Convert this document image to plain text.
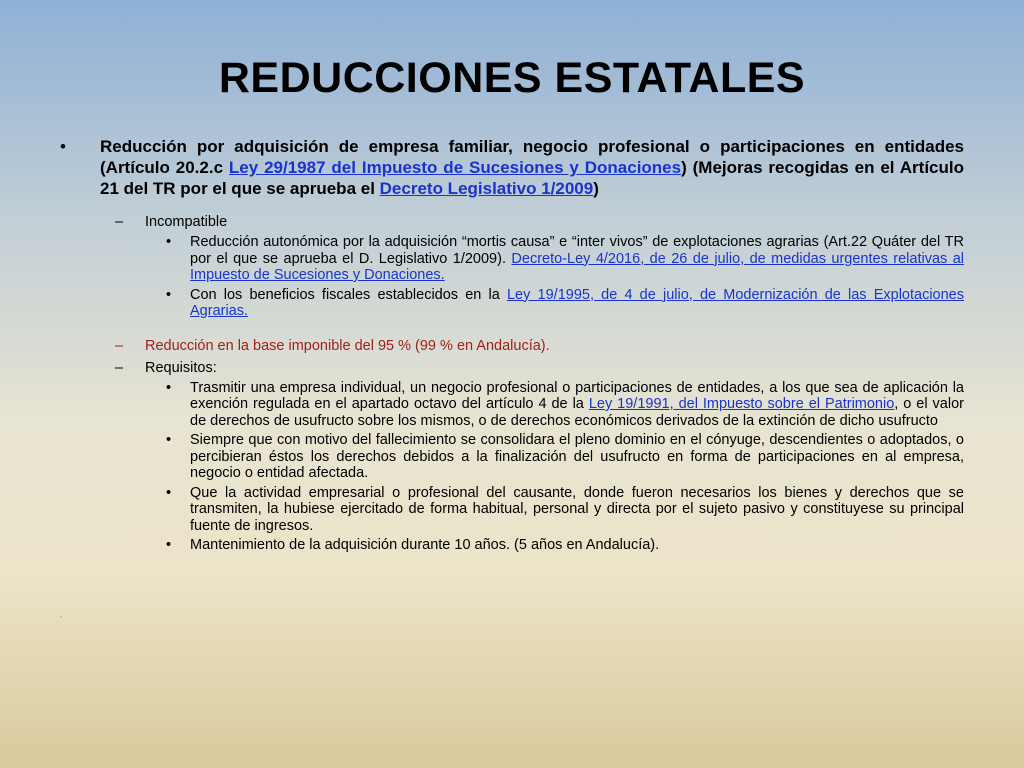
REDUCCIONES ESTATALES
• Reducción por adquisición de empresa familiar, negocio profesional o participaciones en entidades (Artículo 20.2.c Ley 29/1987 del Impuesto de Sucesiones y Donaciones) (Mejoras recogidas en el Artículo 21 del TR por el que se aprueba el Decreto Legislativo 1/2009)
– Incompatible
• Reducción autonómica por la adquisición “mortis causa” e “inter vivos” de explotaciones agrarias (Art.22 Quáter del TR por el que se aprueba el D. Legislativo 1/2009). Decreto-Ley 4/2016, de 26 de julio, de medidas urgentes relativas al Impuesto de Sucesiones y Donaciones.
• Con los beneficios fiscales establecidos en la Ley 19/1995, de 4 de julio, de Modernización de las Explotaciones Agrarias.
– Reducción en la base imponible del 95 % (99 % en Andalucía).
– Requisitos:
• Trasmitir una empresa individual, un negocio profesional o participaciones de entidades, a los que sea de aplicación la exención regulada en el apartado octavo del artículo 4 de la Ley 19/1991, del Impuesto sobre el Patrimonio, o el valor de derechos de usufructo sobre los mismos, o de derechos económicos derivados de la extinción de dicho usufructo
• Siempre que con motivo del fallecimiento se consolidara el pleno dominio en el cónyuge, descendientes o adoptados, o percibieran éstos los derechos debidos a la finalización del usufructo en forma de participaciones en al empresa, negocio o entidad afectada.
• Que la actividad empresarial o profesional del causante, donde fueron necesarios los bienes y derechos que se transmiten, la hubiese ejercitado de forma habitual, personal y directa por el sujeto pasivo y constituyese su principal fuente de ingresos.
• Mantenimiento de la adquisición durante 10 años. (5 años en Andalucía).
.
